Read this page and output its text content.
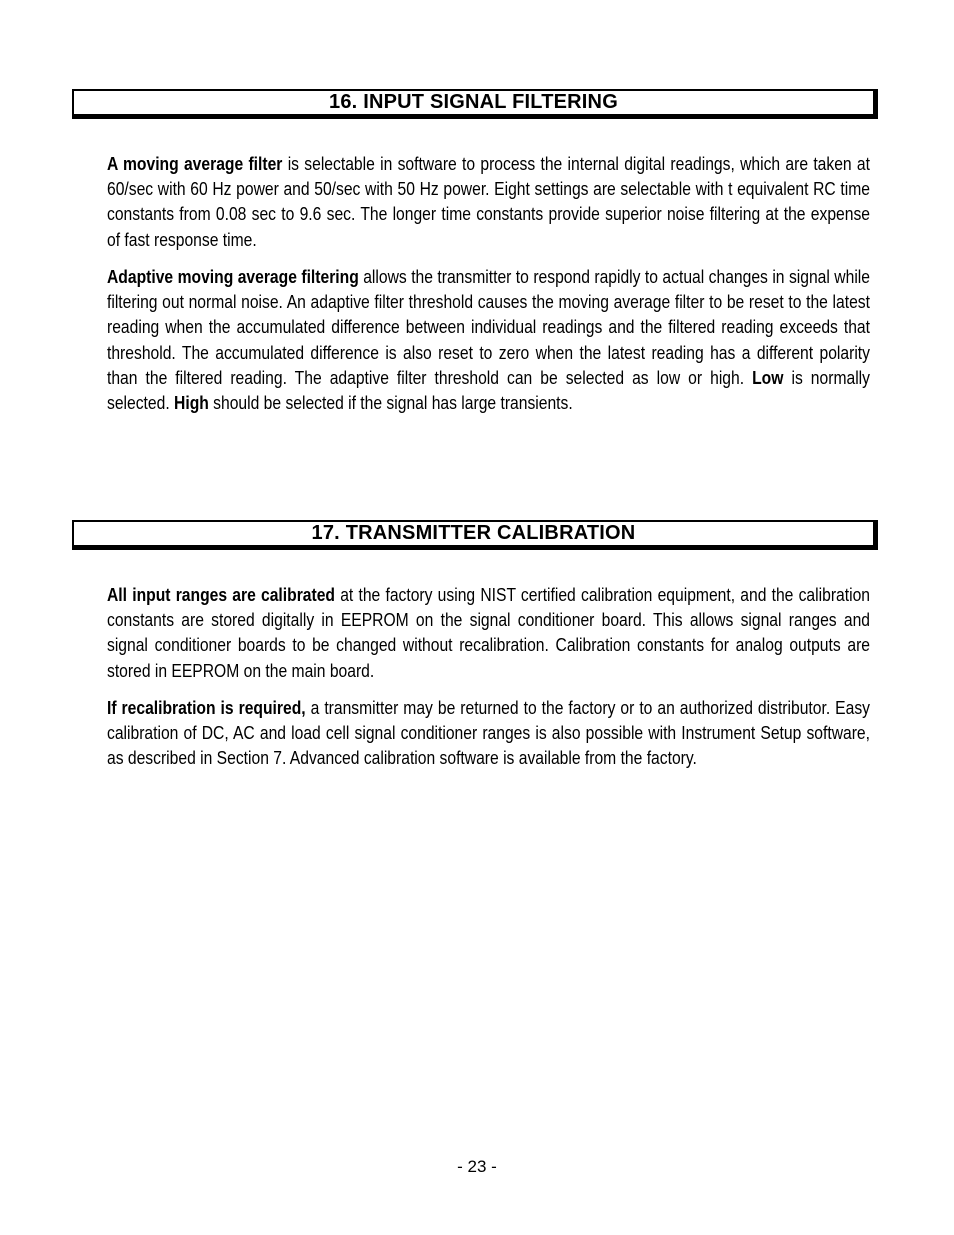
16. INPUT SIGNAL FILTERING

A moving average filter is selectable in software to process the internal digital readings, which are taken at 60/sec with 60 Hz power and 50/sec with 50 Hz power. Eight settings are selectable with t equivalent RC time constants from 0.08 sec to 9.6 sec. The longer time constants provide superior noise filtering at the expense of fast response time.

Adaptive moving average filtering allows the transmitter to respond rapidly to actual changes in signal while filtering out normal noise. An adaptive filter threshold causes the moving average filter to be reset to the latest reading when the accumulated difference between individual readings and the filtered reading exceeds that threshold. The accumulated difference is also reset to zero when the latest reading has a different polarity than the filtered reading. The adaptive filter threshold can be selected as low or high. Low is normally selected. High should be selected if the signal has large transients.

17. TRANSMITTER CALIBRATION

All input ranges are calibrated at the factory using NIST certified calibration equipment, and the calibration constants are stored digitally in EEPROM on the signal conditioner board. This allows signal ranges and signal conditioner boards to be changed without recalibration. Calibration constants for analog outputs are stored in EEPROM on the main board.

If recalibration is required, a transmitter may be returned to the factory or to an authorized distributor. Easy calibration of DC, AC and load cell signal conditioner ranges is also possible with Instrument Setup software, as described in Section 7. Advanced calibration software is available from the factory.

- 23 -
